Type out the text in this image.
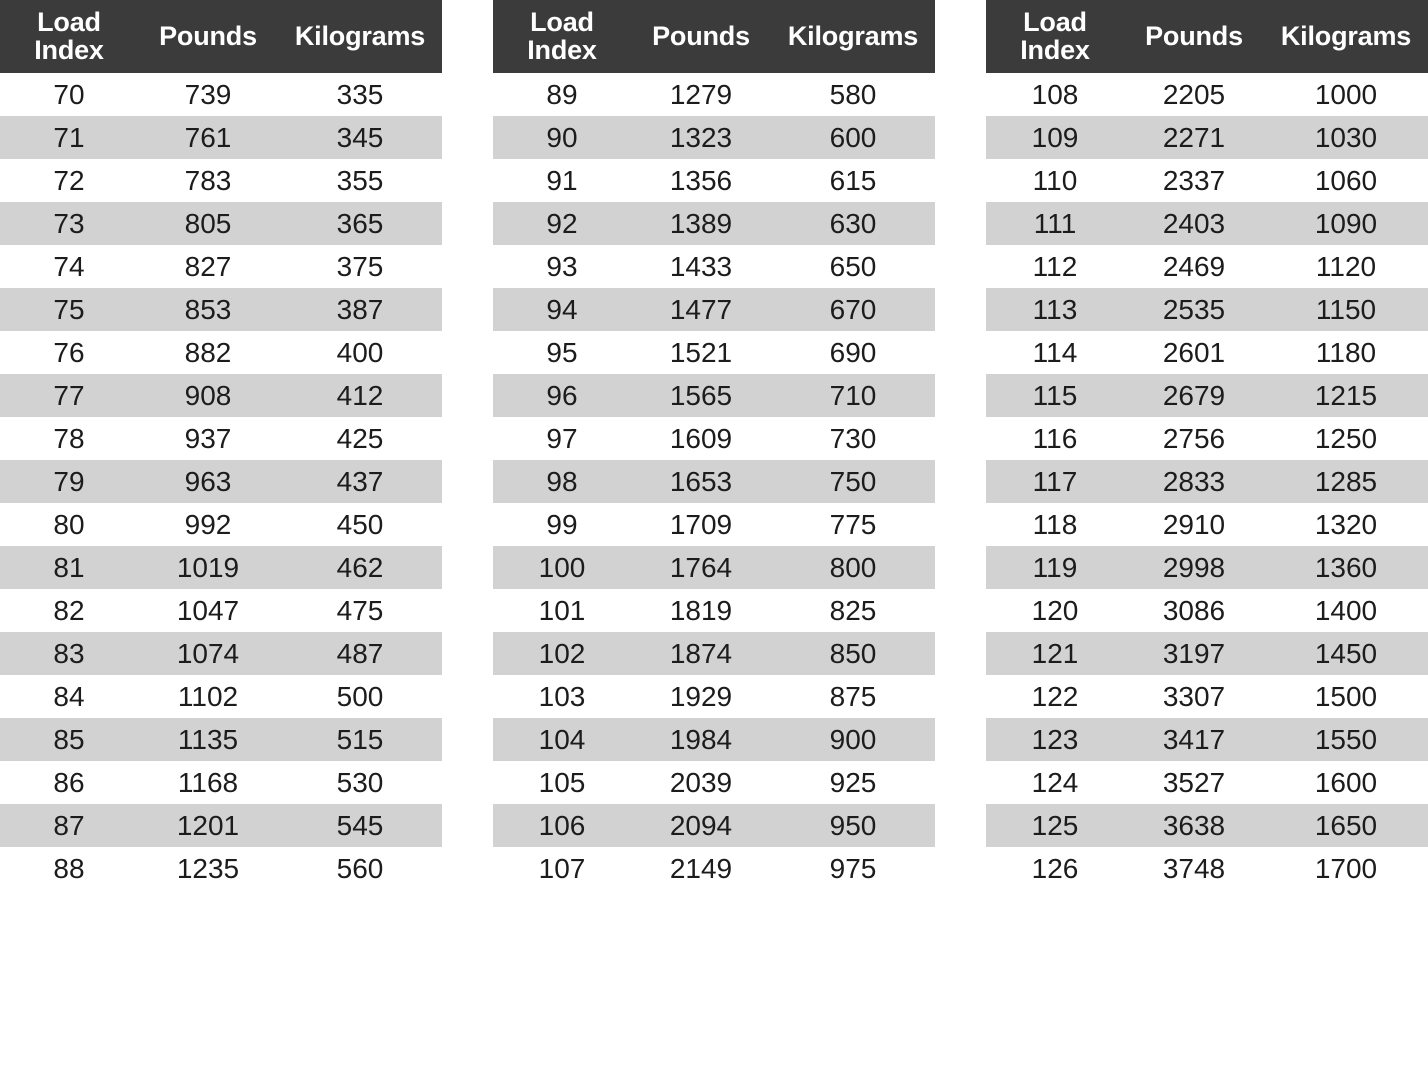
Load
Index	Pounds	Kilograms
70	739	335
71	761	345
72	783	355
73	805	365
74	827	375
75	853	387
76	882	400
77	908	412
78	937	425
79	963	437
80	992	450
81	1019	462
82	1047	475
83	1074	487
84	1102	500
85	1135	515
86	1168	530
87	1201	545
88	1235	560
Load
Index	Pounds	Kilograms
89	1279	580
90	1323	600
91	1356	615
92	1389	630
93	1433	650
94	1477	670
95	1521	690
96	1565	710
97	1609	730
98	1653	750
99	1709	775
100	1764	800
101	1819	825
102	1874	850
103	1929	875
104	1984	900
105	2039	925
106	2094	950
107	2149	975
Load
Index	Pounds	Kilograms
108	2205	1000
109	2271	1030
110	2337	1060
111	2403	1090
112	2469	1120
113	2535	1150
114	2601	1180
115	2679	1215
116	2756	1250
117	2833	1285
118	2910	1320
119	2998	1360
120	3086	1400
121	3197	1450
122	3307	1500
123	3417	1550
124	3527	1600
125	3638	1650
126	3748	1700
